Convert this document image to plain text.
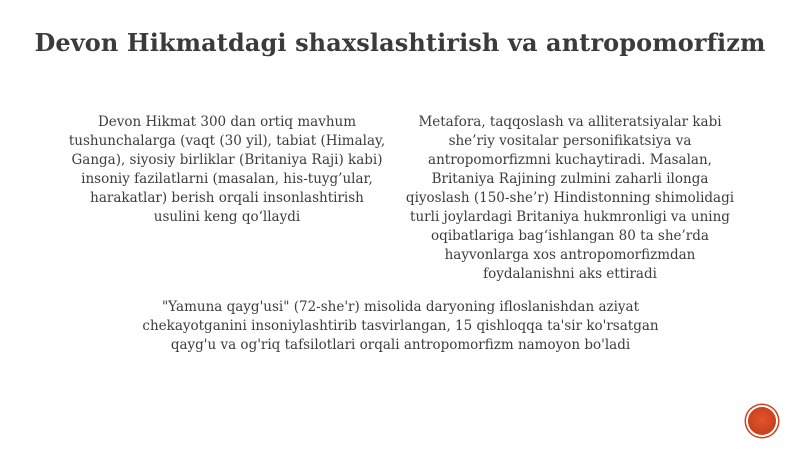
Devon Hikmatdagi shaxslashtirish va antropomorfizm
Devon Hikmat 300 dan ortiq mavhum tushunchalarga (vaqt (30 yil), tabiat (Himalay, Ganga), siyosiy birliklar (Britaniya Raji) kabi) insoniy fazilatlarni (masalan, his-tuyg’ular, harakatlar) berish orqali insonlashtirish usulini keng qo‘llaydi
Metafora, taqqoslash va alliteratsiyalar kabi she’riy vositalar personifikatsiya va antropomorfizmni kuchaytiradi. Masalan, Britaniya Rajining zulmini zaharli ilonga qiyoslash (150-she’r) Hindistonning shimolidagi turli joylardagi Britaniya hukmronligi va uning oqibatlariga bag‘ishlangan 80 ta she’rda hayvonlarga xos antropomorfizmdan foydalanishni aks ettiradi
"Yamuna qayg'usi" (72-she'r) misolida daryoning ifloslanishdan aziyat chekayotganini insoniylashtirib tasvirlangan, 15 qishloqqa ta'sir ko'rsatgan qayg'u va og'riq tafsilotlari orqali antropomorfizm namoyon bo'ladi
